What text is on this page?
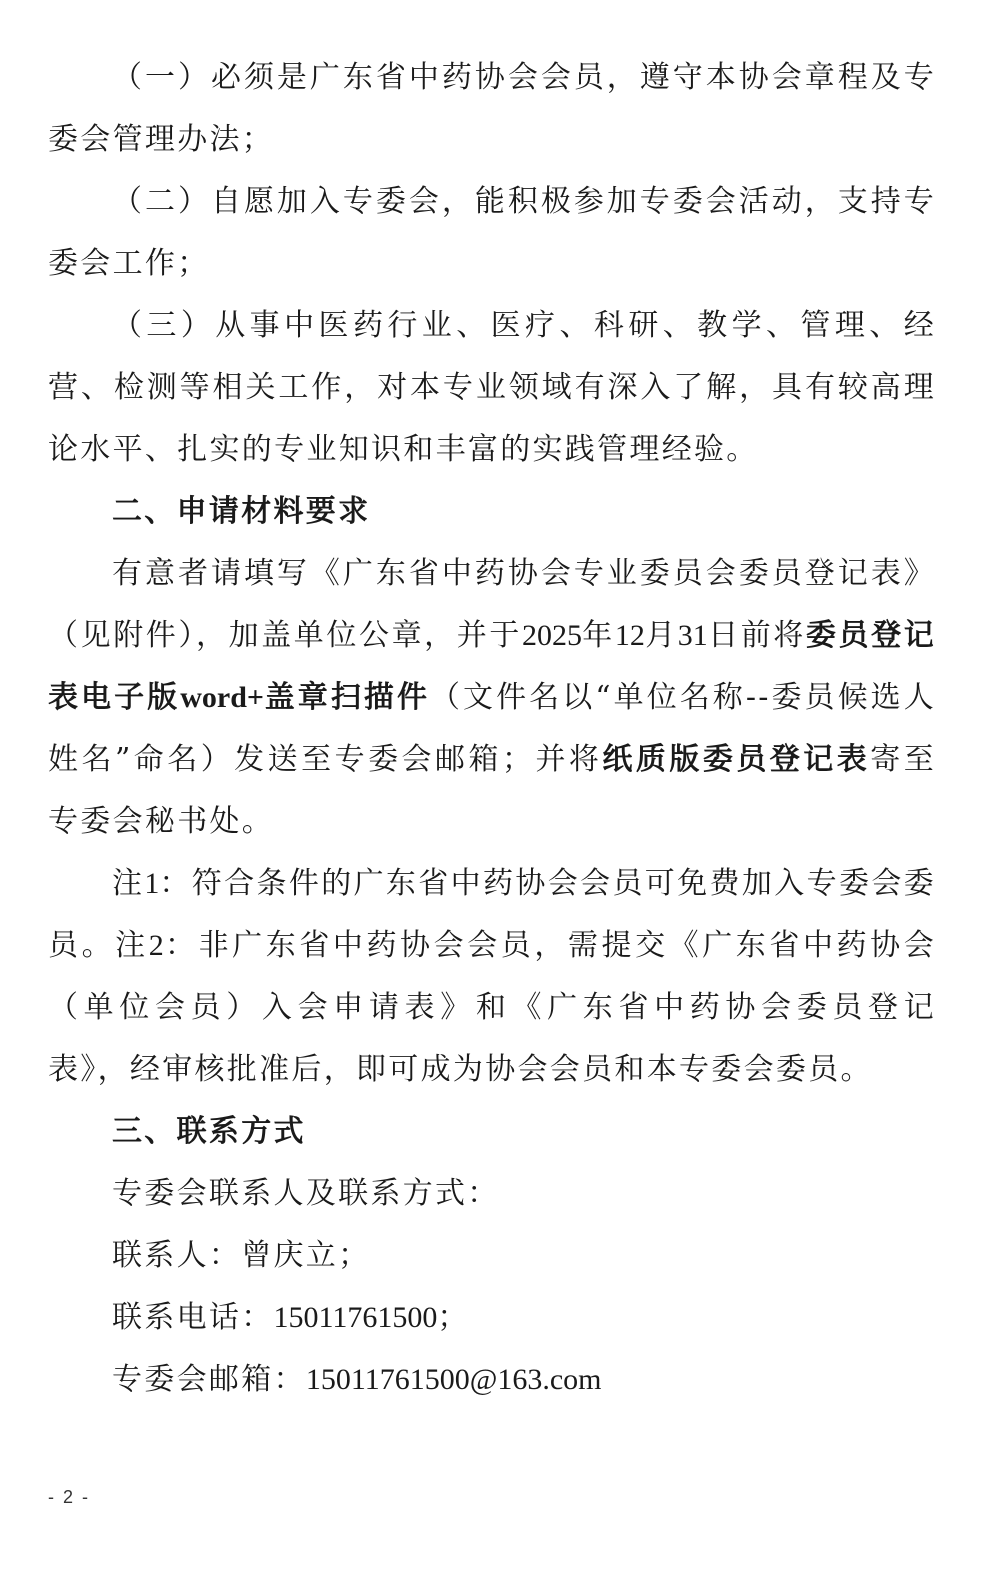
（一）必须是广东省中药协会会员，遵守本协会章程及专委会管理办法；

（二）自愿加入专委会，能积极参加专委会活动，支持专委会工作；

（三）从事中医药行业、医疗、科研、教学、管理、经营、检测等相关工作，对本专业领域有深入了解，具有较高理论水平、扎实的专业知识和丰富的实践管理经验。

二、申请材料要求

有意者请填写《广东省中药协会专业委员会委员登记表》（见附件），加盖单位公章，并于2025年12月31日前将委员登记表电子版word+盖章扫描件（文件名以“单位名称--委员候选人姓名”命名）发送至专委会邮箱；并将纸质版委员登记表寄至专委会秘书处。

注1：符合条件的广东省中药协会会员可免费加入专委会委员。注2：非广东省中药协会会员，需提交《广东省中药协会（单位会员）入会申请表》和《广东省中药协会委员登记表》，经审核批准后，即可成为协会会员和本专委会委员。

三、联系方式

专委会联系人及联系方式：

联系人：曾庆立；

联系电话：15011761500；

专委会邮箱：15011761500@163.com

- 2 -
